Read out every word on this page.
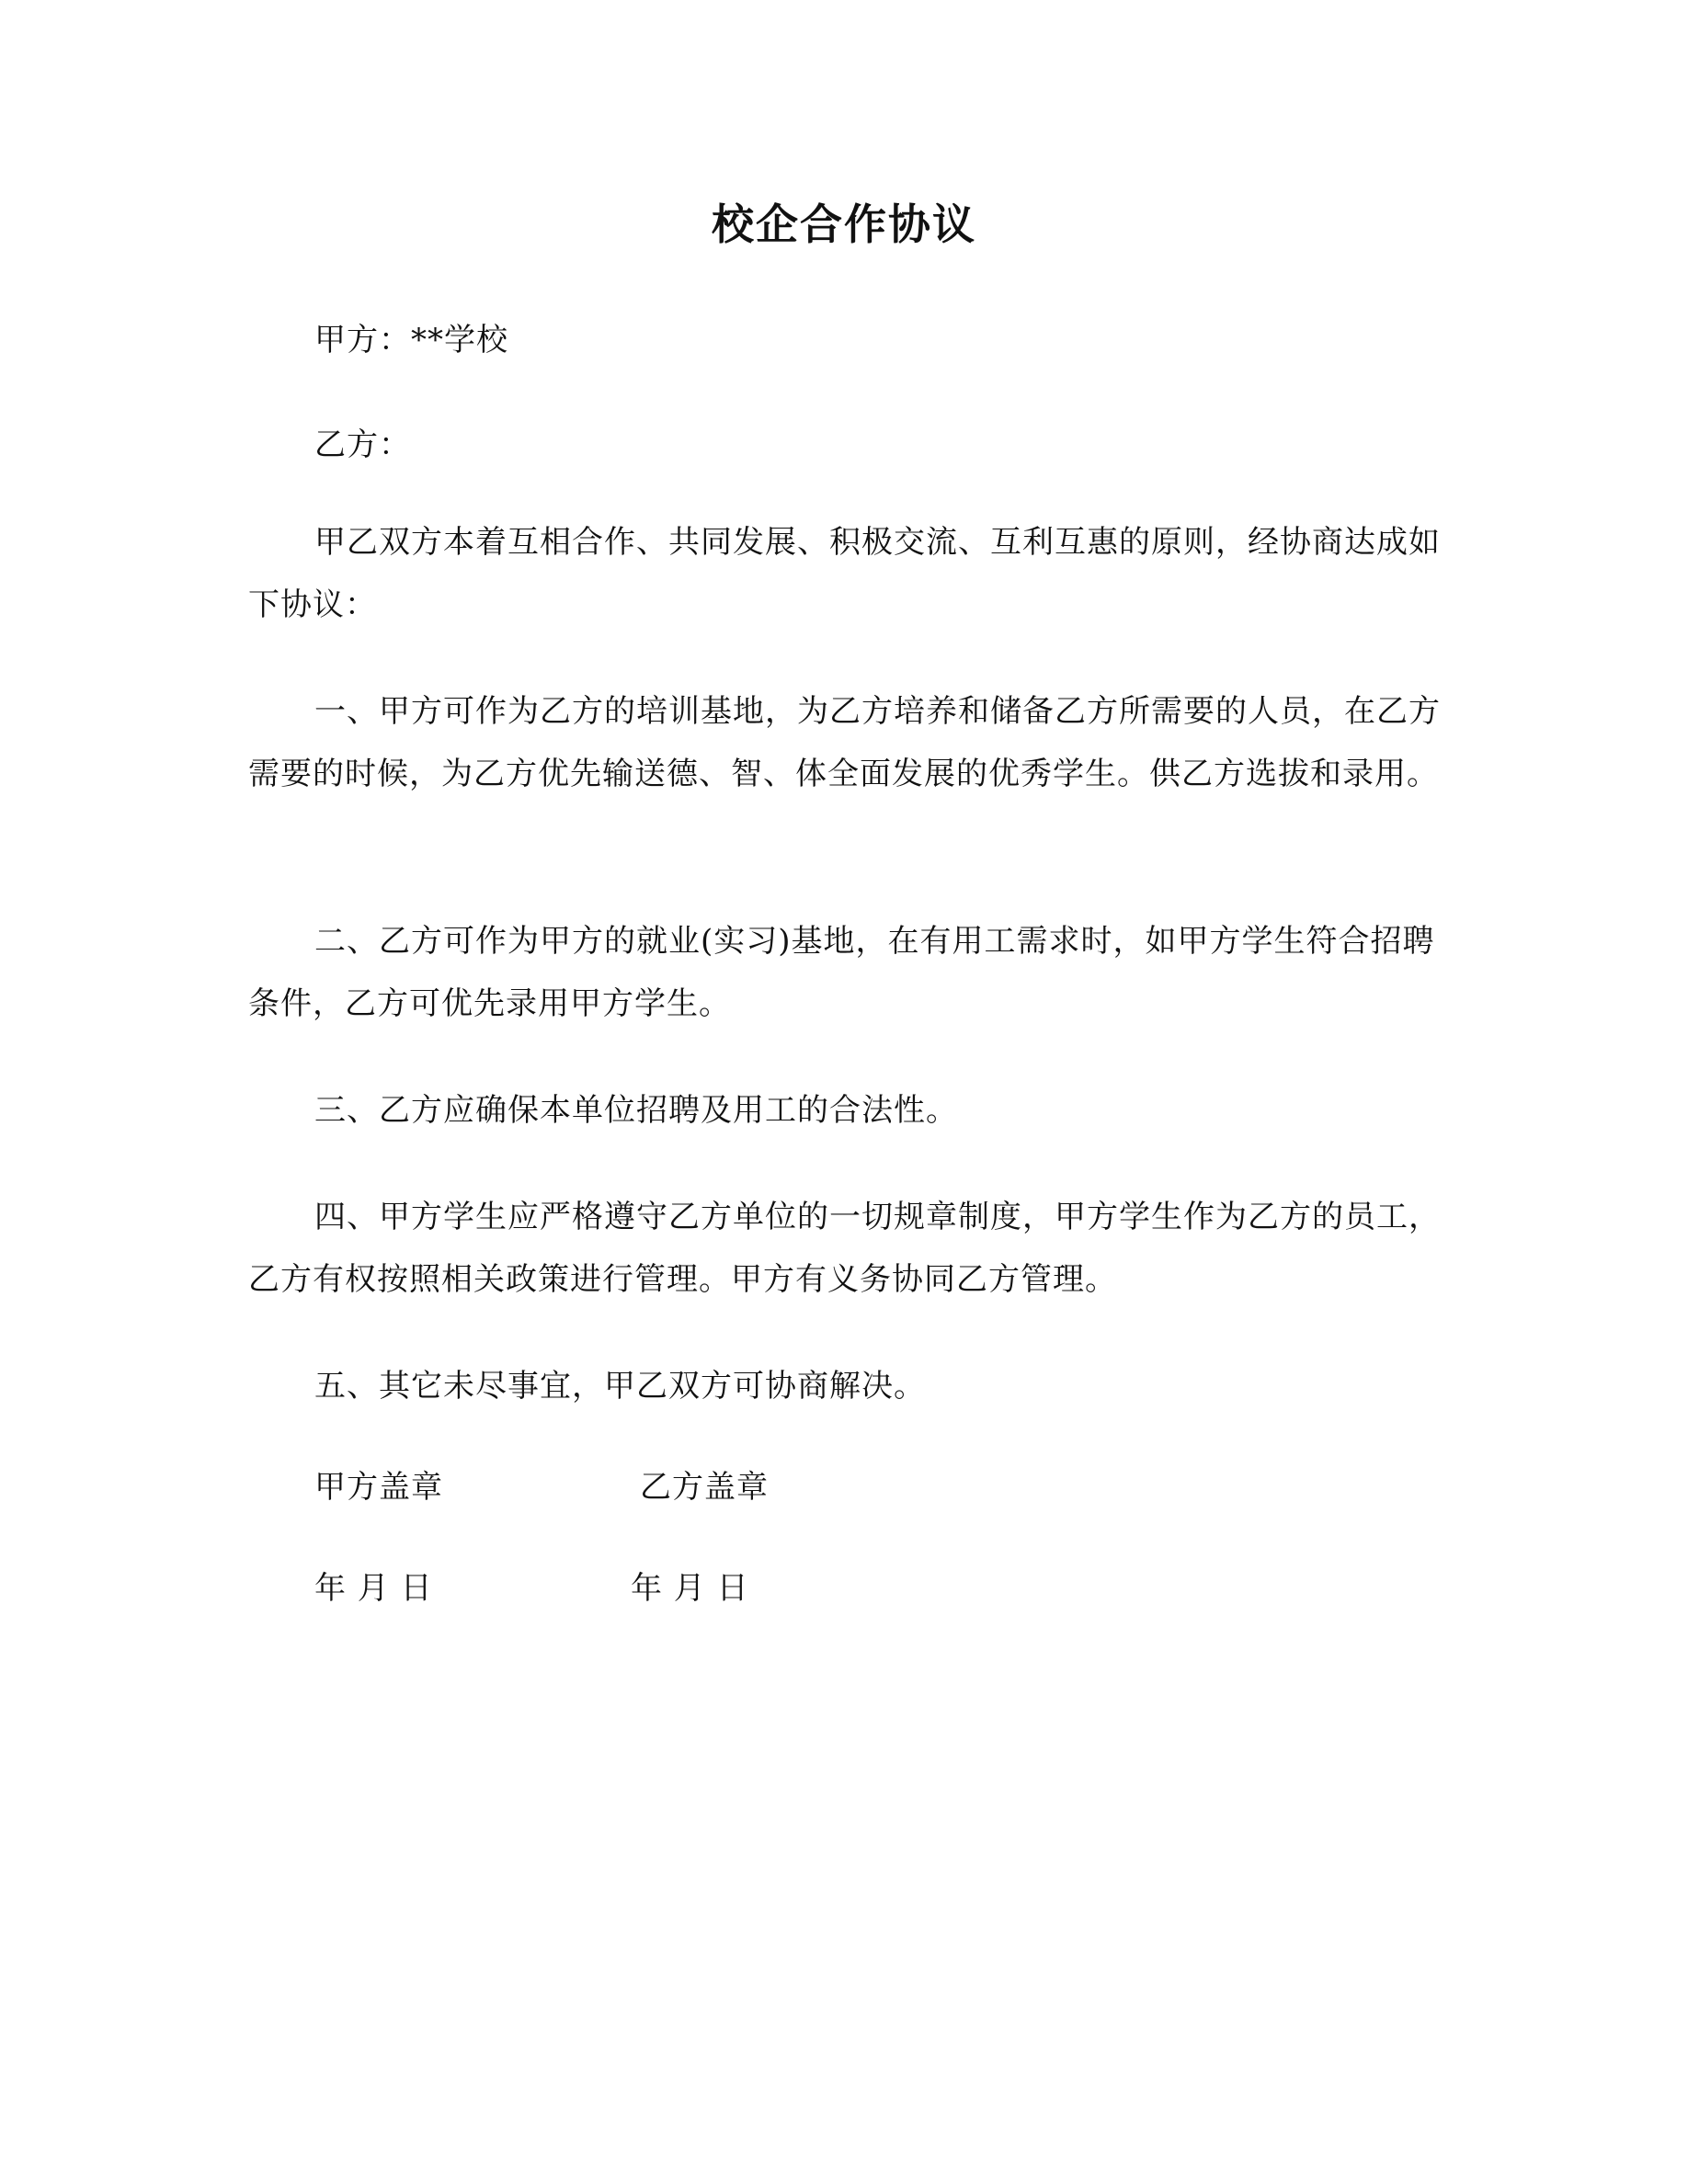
校企合作协议

甲方：**学校

乙方：

甲乙双方本着互相合作、共同发展、积极交流、互利互惠的原则，经协商达成如下协议：

一、甲方可作为乙方的培训基地，为乙方培养和储备乙方所需要的人员，在乙方需要的时候，为乙方优先输送德、智、体全面发展的优秀学生。供乙方选拔和录用。

二、乙方可作为甲方的就业(实习)基地，在有用工需求时，如甲方学生符合招聘条件，乙方可优先录用甲方学生。

三、乙方应确保本单位招聘及用工的合法性。

四、甲方学生应严格遵守乙方单位的一切规章制度，甲方学生作为乙方的员工，乙方有权按照相关政策进行管理。甲方有义务协同乙方管理。

五、其它未尽事宜，甲乙双方可协商解决。

甲方盖章	乙方盖章
年 月 日	年 月 日
